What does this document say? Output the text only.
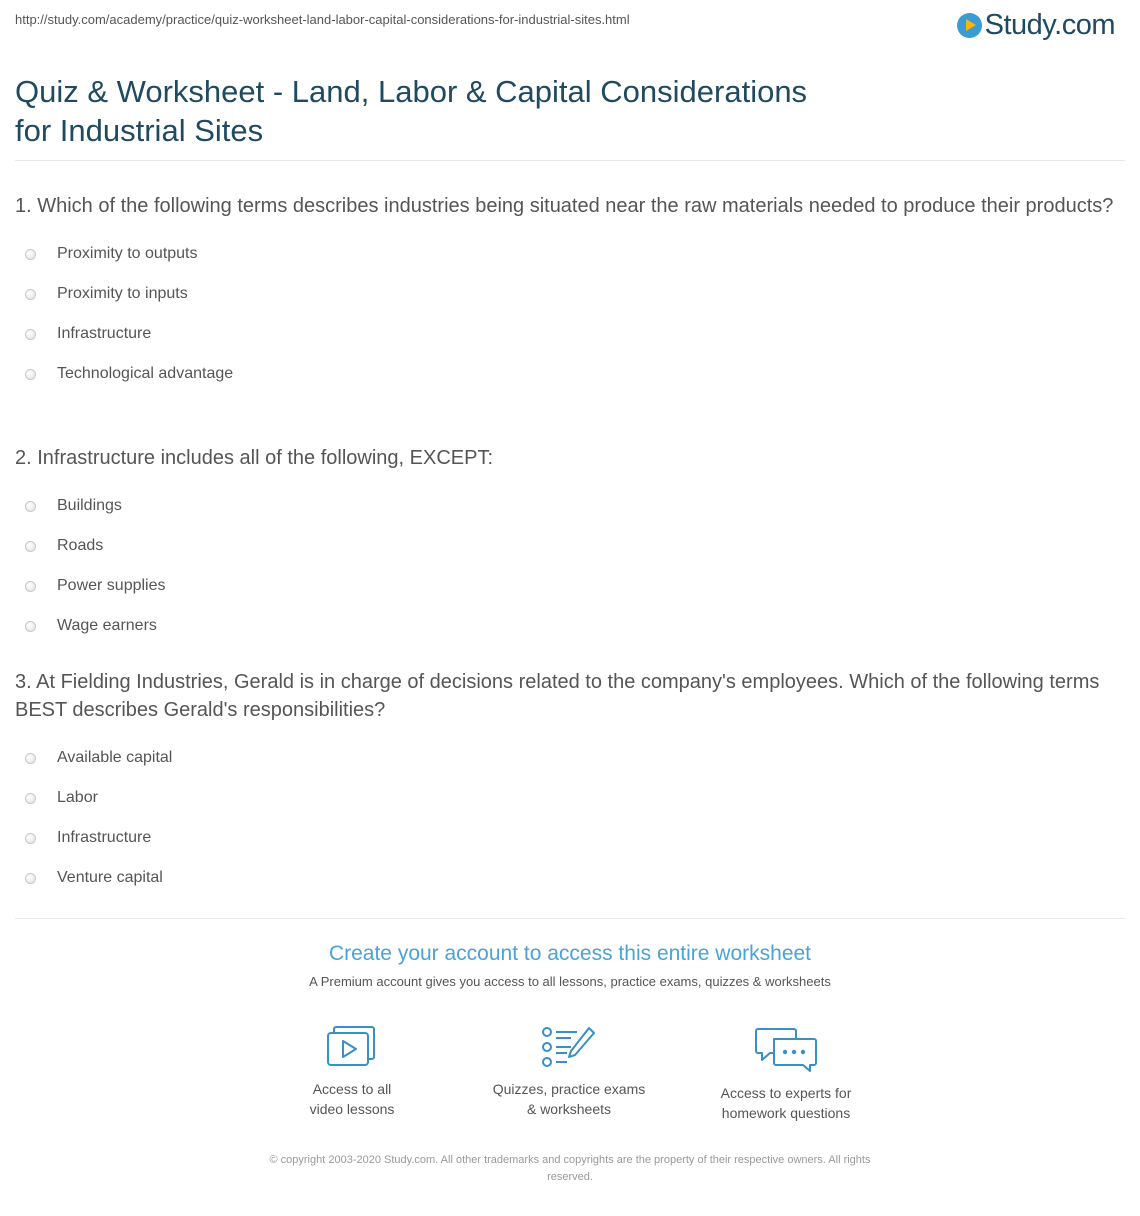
http://study.com/academy/practice/quiz-worksheet-land-labor-capital-considerations-for-industrial-sites.html	Study.com
Quiz & Worksheet - Land, Labor & Capital Considerations
for Industrial Sites
1. Which of the following terms describes industries being situated near the raw materials needed to produce their products?
Proximity to outputs
Proximity to inputs
Infrastructure
Technological advantage
2. Infrastructure includes all of the following, EXCEPT:
Buildings
Roads
Power supplies
Wage earners
3. At Fielding Industries, Gerald is in charge of decisions related to the company's employees. Which of the following terms BEST describes Gerald's responsibilities?
Available capital
Labor
Infrastructure
Venture capital
Create your account to access this entire worksheet
A Premium account gives you access to all lessons, practice exams, quizzes & worksheets
Access to all
video lessons
Quizzes, practice exams
& worksheets
Access to experts for
homework questions
© copyright 2003-2020 Study.com. All other trademarks and copyrights are the property of their respective owners. All rights
reserved.
